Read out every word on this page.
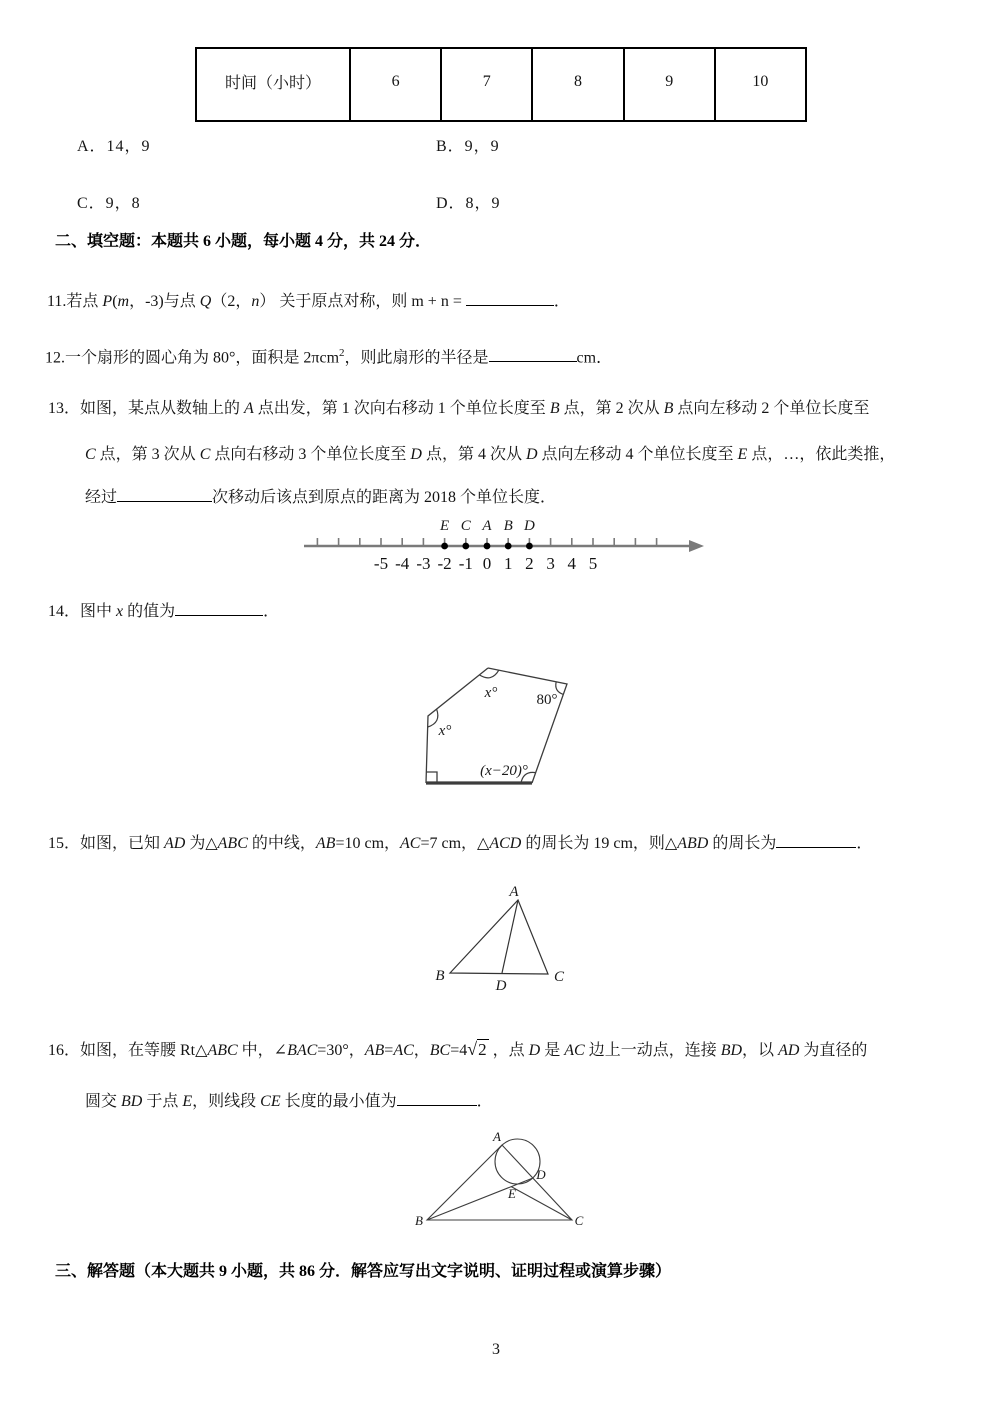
时间（小时）	6	7	8	9	10
A．14，9	B．9，9
C．9，8	D．8，9
二、填空题：本题共 6 小题，每小题 4 分，共 24 分．
11.若点 P(m，-3)与点 Q（2，n） 关于原点对称，则 m + n =	．
12.一个扇形的圆心角为 80°，面积是 2πcm$^2$，则此扇形的半径是	cm．
13．如图，某点从数轴上的 A 点出发，第 1 次向右移动 1 个单位长度至 B 点，第 2 次从 B 点向左移动 2 个单位长度至
C 点，第 3 次从 C 点向右移动 3 个单位长度至 D 点，第 4 次从 D 点向左移动 4 个单位长度至 E 点，…，依此类推，
经过	次移动后该点到原点的距离为 2018 个单位长度．
E C A B D
-5 -4 -3 -2 -1 0 1 2 3 4 5
14．图中 x 的值为	．
x°	80°
x°
(x−20)°
15．如图，已知 AD 为△ABC 的中线，AB=10 cm，AC=7 cm，△ACD 的周长为 19 cm，则△ABD 的周长为	．
A
B	C
D
16．如图，在等腰 Rt△ABC 中，∠BAC=30°，AB=AC，BC=4√2 ，点 D 是 AC 边上一动点，连接 BD，以 AD 为直径的
圆交 BD 于点 E，则线段 CE 长度的最小值为	．
A
B	C
D
E
三、解答题（本大题共 9 小题，共 86 分．解答应写出文字说明、证明过程或演算步骤）
3
